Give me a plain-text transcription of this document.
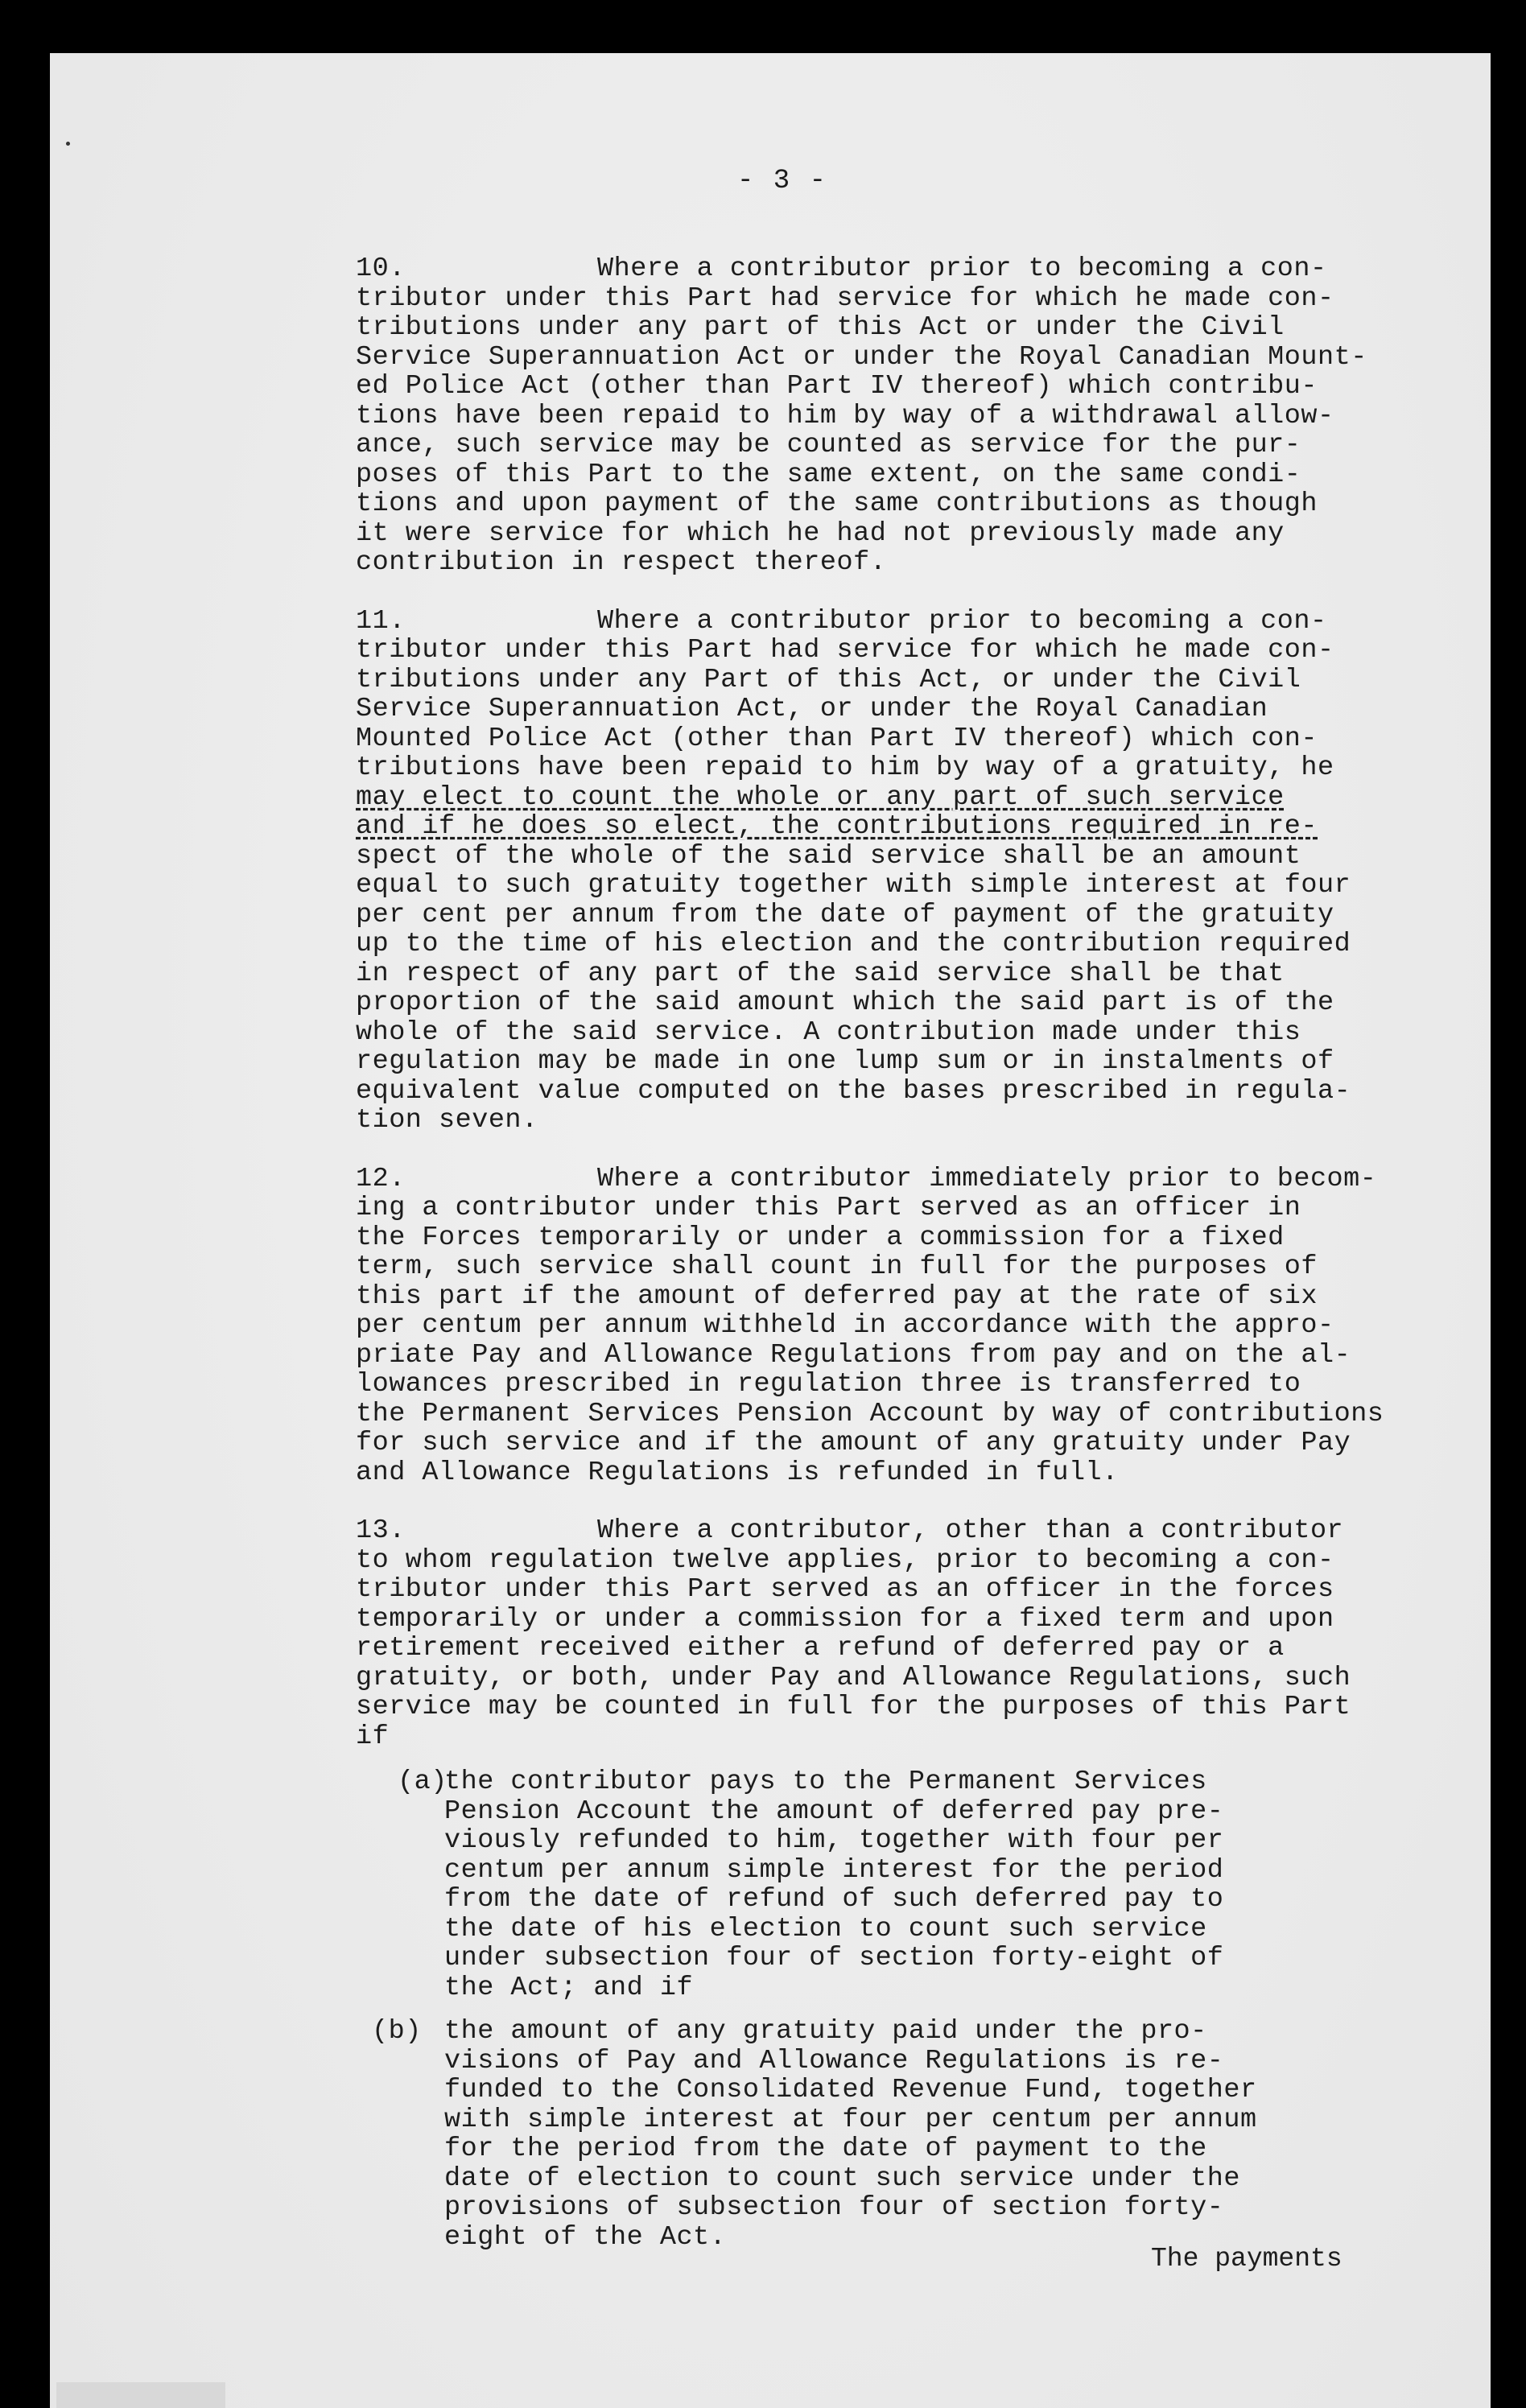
- 3 -
10.	Where a contributor prior to becoming a con-
tributor under this Part had service for which he made con-
tributions under any part of this Act or under the Civil
Service Superannuation Act or under the Royal Canadian Mount-
ed Police Act (other than Part IV thereof) which contribu-
tions have been repaid to him by way of a withdrawal allow-
ance, such service may be counted as service for the pur-
poses of this Part to the same extent, on the same condi-
tions and upon payment of the same contributions as though
it were service for which he had not previously made any
contribution in respect thereof.
11.	Where a contributor prior to becoming a con-
tributor under this Part had service for which he made con-
tributions under any Part of this Act, or under the Civil
Service Superannuation Act, or under the Royal Canadian
Mounted Police Act (other than Part IV thereof) which con-
tributions have been repaid to him by way of a gratuity, he
may elect to count the whole or any part of such service
and if he does so elect, the contributions required in re-
spect of the whole of the said service shall be an amount
equal to such gratuity together with simple interest at four
per cent per annum from the date of payment of the gratuity
up to the time of his election and the contribution required
in respect of any part of the said service shall be that
proportion of the said amount which the said part is of the
whole of the said service. A contribution made under this
regulation may be made in one lump sum or in instalments of
equivalent value computed on the bases prescribed in regula-
tion seven.
12.	Where a contributor immediately prior to becom-
ing a contributor under this Part served as an officer in
the Forces temporarily or under a commission for a fixed
term, such service shall count in full for the purposes of
this part if the amount of deferred pay at the rate of six
per centum per annum withheld in accordance with the appro-
priate Pay and Allowance Regulations from pay and on the al-
lowances prescribed in regulation three is transferred to
the Permanent Services Pension Account by way of contributions
for such service and if the amount of any gratuity under Pay
and Allowance Regulations is refunded in full.
13.	Where a contributor, other than a contributor
to whom regulation twelve applies, prior to becoming a con-
tributor under this Part served as an officer in the forces
temporarily or under a commission for a fixed term and upon
retirement received either a refund of deferred pay or a
gratuity, or both, under Pay and Allowance Regulations, such
service may be counted in full for the purposes of this Part
if
(a)
the contributor pays to the Permanent Services
Pension Account the amount of deferred pay pre-
viously refunded to him, together with four per
centum per annum simple interest for the period
from the date of refund of such deferred pay to
the date of his election to count such service
under subsection four of section forty-eight of
the Act; and if
(b) the amount of any gratuity paid under the pro-
visions of Pay and Allowance Regulations is re-
funded to the Consolidated Revenue Fund, together
with simple interest at four per centum per annum
for the period from the date of payment to the
date of election to count such service under the
provisions of subsection four of section forty-
eight of the Act.
The payments
